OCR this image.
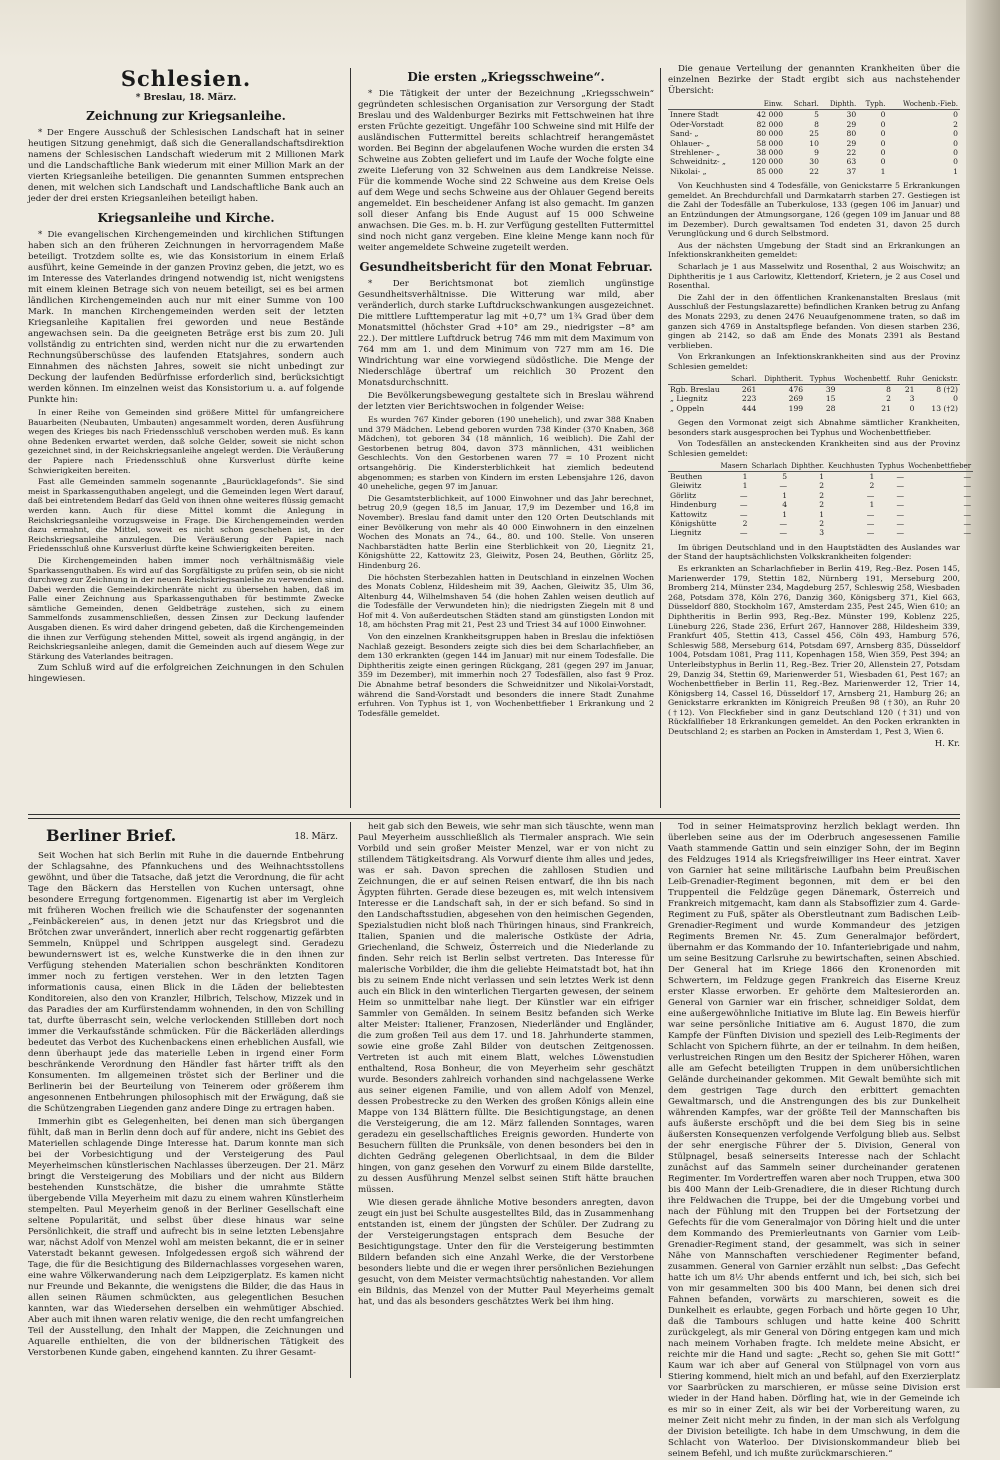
Schlesien.
* Breslau, 18. März.
Zeichnung zur Kriegsanleihe.

* Der Engere Ausschuß der Schlesischen Landschaft hat in seiner heutigen Sitzung genehmigt, daß sich die Generallandschaftsdirektion namens der Schlesischen Landschaft wiederum mit 2 Millionen Mark und die Landschaftliche Bank wiederum mit einer Million Mark an der vierten Kriegsanleihe beteiligen. Die genannten Summen entsprechen denen, mit welchen sich Landschaft und Landschaftliche Bank auch an jeder der drei ersten Kriegsanleihen beteiligt haben.

Kriegsanleihe und Kirche.

* Die evangelischen Kirchengemeinden und kirchlichen Stiftungen haben sich an den früheren Zeichnungen in hervorragendem Maße beteiligt. Trotzdem sollte es, wie das Konsistorium in einem Erlaß ausführt, keine Gemeinde in der ganzen Provinz geben, die jetzt, wo es im Interesse des Vaterlandes dringend notwendig ist, nicht wenigstens mit einem kleinen Betrage sich von neuem beteiligt, sei es bei armen ländlichen Kirchengemeinden auch nur mit einer Summe von 100 Mark. In manchen Kirchengemeinden werden seit der letzten Kriegsanleihe Kapitalien frei geworden und neue Bestände angewachsen sein. Da die geeigneten Beträge erst bis zum 20. Juli vollständig zu entrichten sind, werden nicht nur die zu erwartenden Rechnungsüberschüsse des laufenden Etatsjahres, sondern auch Einnahmen des nächsten Jahres, soweit sie nicht unbedingt zur Deckung der laufenden Bedürfnisse erforderlich sind, berücksichtigt werden können. Im einzelnen weist das Konsistorium u. a. auf folgende Punkte hin:

In einer Reihe von Gemeinden sind größere Mittel für umfangreichere Bauarbeiten (Neubauten, Umbauten) angesammelt worden, deren Ausführung wegen des Krieges bis nach Friedensschluß verschoben werden muß. Es kann ohne Bedenken erwartet werden, daß solche Gelder, soweit sie nicht schon gezeichnet sind, in der Reichskriegsanleihe angelegt werden. Die Veräußerung der Papiere nach Friedensschluß ohne Kursverlust dürfte keine Schwierigkeiten bereiten.

Fast alle Gemeinden sammeln sogenannte „Baurücklagefonds“. Sie sind meist in Sparkassenguthaben angelegt, und die Gemeinden legen Wert darauf, daß bei eintretendem Bedarf das Geld von ihnen ohne weiteres flüssig gemacht werden kann. Auch für diese Mittel kommt die Anlegung in Reichskriegsanleihe vorzugsweise in Frage. Die Kirchengemeinden werden dazu ermahnt, die Mittel, soweit es nicht schon geschehen ist, in der Reichskriegsanleihe anzulegen. Die Veräußerung der Papiere nach Friedensschluß ohne Kursverlust dürfte keine Schwierigkeiten bereiten.

Die Kirchengemeinden haben immer noch verhältnismäßig viele Sparkassenguthaben. Es wird auf das Sorgfältigste zu prüfen sein, ob sie nicht durchweg zur Zeichnung in der neuen Reichskriegsanleihe zu verwenden sind. Dabei werden die Gemeindekirchenräte nicht zu übersehen haben, daß im Falle einer Zeichnung aus Sparkassenguthaben für bestimmte Zwecke sämtliche Gemeinden, denen Geldbeträge zustehen, sich zu einem Sammelfonds zusammenschließen, dessen Zinsen zur Deckung laufender Ausgaben dienen. Es wird daher dringend gebeten, daß die Kirchengemeinden die ihnen zur Verfügung stehenden Mittel, soweit als irgend angängig, in der Reichskriegsanleihe anlegen, damit die Gemeinden auch auf diesem Wege zur Stärkung des Vaterlandes beitragen.

Zum Schluß wird auf die erfolgreichen Zeichnungen in den Schulen hingewiesen.

Die ersten „Kriegsschweine“.

* Die Tätigkeit der unter der Bezeichnung „Kriegsschwein“ gegründeten schlesischen Organisation zur Versorgung der Stadt Breslau und des Waldenburger Bezirks mit Fettschweinen hat ihre ersten Früchte gezeitigt. Ungefähr 100 Schweine sind mit Hilfe der ausländischen Futtermittel bereits schlachtreif herangemästet worden. Bei Beginn der abgelaufenen Woche wurden die ersten 34 Schweine aus Zobten geliefert und im Laufe der Woche folgte eine zweite Lieferung von 32 Schweinen aus dem Landkreise Neisse. Für die kommende Woche sind 22 Schweine aus dem Kreise Oels auf dem Wege und sechs Schweine aus der Ohlauer Gegend bereits angemeldet. Ein bescheidener Anfang ist also gemacht. Im ganzen soll dieser Anfang bis Ende August auf 15 000 Schweine anwachsen. Die Ges. m. b. H. zur Verfügung gestellten Futtermittel sind noch nicht ganz vergeben. Eine kleine Menge kann noch für weiter angemeldete Schweine zugeteilt werden.

Gesundheitsbericht für den Monat Februar.

* Der Berichtsmonat bot ziemlich ungünstige Gesundheitsverhältnisse. Die Witterung war mild, aber veränderlich, durch starke Luftdruckschwankungen ausgezeichnet. Die mittlere Lufttemperatur lag mit +0,7° um 1¾ Grad über dem Monatsmittel (höchster Grad +10° am 29., niedrigster −8° am 22.). Der mittlere Luftdruck betrug 746 mm mit dem Maximum von 764 mm am 1. und dem Minimum von 727 mm am 16. Die Windrichtung war eine vorwiegend südöstliche. Die Menge der Niederschläge übertraf um reichlich 30 Prozent den Monatsdurchschnitt.

Die Bevölkerungsbewegung gestaltete sich in Breslau während der letzten vier Berichtswochen in folgender Weise:

Es wurden 767 Kinder geboren (190 unehelich), und zwar 388 Knaben und 379 Mädchen. Lebend geboren wurden 738 Kinder (370 Knaben, 368 Mädchen), tot geboren 34 (18 männlich, 16 weiblich). Die Zahl der Gestorbenen betrug 804, davon 373 männlichen, 431 weiblichen Geschlechts. Von den Gestorbenen waren 77 = 10 Prozent nicht ortsangehörig. Die Kindersterblichkeit hat ziemlich bedeutend abgenommen; es starben von Kindern im ersten Lebensjahre 126, davon 40 uneheliche, gegen 97 im Januar.

Die Gesamtsterblichkeit, auf 1000 Einwohner und das Jahr berechnet, betrug 20,9 (gegen 18,5 im Januar, 17,9 im Dezember und 16,8 im November). Breslau fand damit unter den 120 Orten Deutschlands mit einer Bevölkerung von mehr als 40 000 Einwohnern in den einzelnen Wochen des Monats an 74., 64., 80. und 100. Stelle. Von unseren Nachbarstädten hatte Berlin eine Sterblichkeit von 20, Liegnitz 21, Königshütte 22, Kattowitz 23, Gleiwitz, Posen 24, Beuthen, Görlitz 25, Hindenburg 26.

Die höchsten Sterbezahlen hatten in Deutschland in einzelnen Wochen des Monats Coblenz, Hildesheim mit 39, Aachen, Gleiwitz 35, Ulm 36, Altenburg 44, Wilhelmshaven 54 (die hohen Zahlen weisen deutlich auf die Todesfälle der Verwundeten hin); die niedrigsten Ziegeln mit 8 und Hof mit 4. Von außerdeutschen Städten stand am günstigsten London mit 18, am höchsten Prag mit 21, Pest 23 und Triest 34 auf 1000 Einwohner.

Von den einzelnen Krankheitsgruppen haben in Breslau die infektiösen Nachlaß gezeigt. Besonders zeigte sich dies bei dem Scharlachfieber, an dem 130 erkrankten (gegen 144 im Januar) mit nur einem Todesfalle. Die Diphtheritis zeigte einen geringen Rückgang, 281 (gegen 297 im Januar, 359 im Dezember), mit immerhin noch 27 Todesfällen, also fast 9 Proz. Die Abnahme betraf besonders die Schweidnitzer und Nikolai-Vorstadt, während die Sand-Vorstadt und besonders die innere Stadt Zunahme erfuhren. Von Typhus ist 1, von Wochenbettfieber 1 Erkrankung und 2 Todesfälle gemeldet.

Die genaue Verteilung der genannten Krankheiten über die einzelnen Bezirke der Stadt ergibt sich aus nachstehender Übersicht:

	Einw.	Scharl.	Diphth.	Typh.	Wochenb.-Fieb.
Innere Stadt	42 000	5	30	0	0
Oder-Vorstadt	82 000	8	29	0	2
Sand- „	80 000	25	80	0	0
Ohlauer- „	58 000	10	29	0	0
Strehlener- „	38 000	9	22	0	0
Schweidnitz- „	120 000	30	63	0	0
Nikolai- „	85 000	22	37	1	1

Von Keuchhusten sind 4 Todesfälle, von Genickstarre 5 Erkrankungen gemeldet. An Brechdurchfall und Darmkatarrh starben 27. Gestiegen ist die Zahl der Todesfälle an Tuberkulose, 133 (gegen 106 im Januar) und an Entzündungen der Atmungsorgane, 126 (gegen 109 im Januar und 88 im Dezember). Durch gewaltsamen Tod endeten 31, davon 25 durch Verunglückung und 6 durch Selbstmord.

Aus der nächsten Umgebung der Stadt sind an Erkrankungen an Infektionskrankheiten gemeldet:

Scharlach je 1 aus Masselwitz und Rosenthal, 2 aus Woischwitz; an Diphtheritis je 1 aus Carlowitz, Klettendorf, Krietern, je 2 aus Cosel und Rosenthal.

Die Zahl der in den öffentlichen Krankenanstalten Breslaus (mit Ausschluß der Festungslazarette) befindlichen Kranken betrug zu Anfang des Monats 2293, zu denen 2476 Neuaufgenommene traten, so daß im ganzen sich 4769 in Anstaltspflege befanden. Von diesen starben 236, gingen ab 2142, so daß am Ende des Monats 2391 als Bestand verblieben.

Von Erkrankungen an Infektionskrankheiten sind aus der Provinz Schlesien gemeldet:

	Scharl.	Diphtherit.	Typhus	Wochenbettf.	Ruhr	Genickstr.
Rgb. Breslau	261	476	39	8	21	8 (†2)
„ Liegnitz	223	269	15	2	3	0
„ Oppeln	444	199	28	21	0	13 (†2)

Gegen den Vormonat zeigt sich Abnahme sämtlicher Krankheiten, besonders stark ausgesprochen bei Typhus und Wochenbettfieber.

Von Todesfällen an ansteckenden Krankheiten sind aus der Provinz Schlesien gemeldet:

	Masern	Scharlach	Diphther.	Keuchhusten	Typhus	Wochenbettfieber
Beuthen	1	5	1	1	—	—
Gleiwitz	1	—	2	2	—	—
Görlitz	—	1	2	—	—	—
Hindenburg	—	4	2	1	—	—
Kattowitz	—	1	1	—	—	—
Königshütte	2	—	2	—	—	—
Liegnitz	—	—	3	—	—	—

Im übrigen Deutschland und in den Hauptstädten des Auslandes war der Stand der hauptsächlichsten Volkskrankheiten folgender:

Es erkrankten an Scharlachfieber in Berlin 419, Reg.-Bez. Posen 145, Marienwerder 179, Stettin 182, Nürnberg 191, Merseburg 200, Bromberg 214, Münster 234, Magdeburg 257, Schleswig 258, Wiesbaden 268, Potsdam 378, Köln 276, Danzig 360, Königsberg 371, Kiel 663, Düsseldorf 880, Stockholm 167, Amsterdam 235, Pest 245, Wien 610; an Diphtheritis in Berlin 993, Reg.-Bez. Münster 199, Koblenz 225, Lüneburg 226, Stade 236, Erfurt 267, Hannover 288, Hildesheim 339, Frankfurt 405, Stettin 413, Cassel 456, Cöln 493, Hamburg 576, Schleswig 588, Merseburg 614, Potsdam 697, Arnsberg 835, Düsseldorf 1004, Potsdam 1081, Prag 111, Kopenhagen 158, Wien 359, Pest 394; an Unterleibstyphus in Berlin 11, Reg.-Bez. Trier 20, Allenstein 27, Potsdam 29, Danzig 34, Stettin 69, Marienwerder 51, Wiesbaden 61, Pest 167; an Wochenbettfieber in Berlin 11, Reg.-Bez. Marienwerder 12, Trier 14, Königsberg 14, Cassel 16, Düsseldorf 17, Arnsberg 21, Hamburg 26; an Genickstarre erkrankten im Königreich Preußen 98 (†30), an Ruhr 20 (†12). Von Fleckfieber sind in ganz Deutschland 120 (†31) und von Rückfallfieber 18 Erkrankungen gemeldet. An den Pocken erkrankten in Deutschland 2; es starben an Pocken in Amsterdam 1, Pest 3, Wien 6.

H. Kr.
Berliner Brief.	18. März.

Seit Wochen hat sich Berlin mit Ruhe in die dauernde Entbehrung der Schlagsahne, des Pfannkuchens und des Weihnachtsstollens gewöhnt, und über die Tatsache, daß jetzt die Verordnung, die für acht Tage den Bäckern das Herstellen von Kuchen untersagt, ohne besondere Erregung fortgenommen. Eigenartig ist aber im Vergleich mit früheren Wochen freilich wie die Schaufenster der sogenannten „Feinbäckereien“ aus, in denen jetzt nur das Kriegsbrot und die Brötchen zwar unverändert, innerlich aber recht roggenartig gefärbten Semmeln, Knüppel und Schrippen ausgelegt sind. Geradezu bewundernswert ist es, welche Kunstwerke die in den ihnen zur Verfügung stehenden Materialien schon beschränkten Konditoren immer noch zu fertigen verstehen. Wer in den letzten Tagen informationis causa, einen Blick in die Läden der beliebtesten Konditoreien, also den von Kranzler, Hilbrich, Telschow, Mizzek und in das Paradies der am Kurfürstendamm wohnenden, in den von Schilling tat, durfte überrascht sein, welche verlockenden Stillleben dort noch immer die Verkaufsstände schmücken. Für die Bäckerläden allerdings bedeutet das Verbot des Kuchenbackens einen erheblichen Ausfall, wie denn überhaupt jede das materielle Leben in irgend einer Form beschränkende Verordnung den Händler fast härter trifft als den Konsumenten. Im allgemeinen tröstet sich der Berliner und die Berlinerin bei der Beurteilung von Teinerem oder größerem ihm angesonnenen Entbehrungen philosophisch mit der Erwägung, daß sie die Schützengraben Liegenden ganz andere Dinge zu ertragen haben.

Immerhin gibt es Gelegenheiten, bei denen man sich übergangen fühlt, daß man in Berlin denn doch auf für andere, nicht ins Gebiet des Materiellen schlagende Dinge Interesse hat. Darum konnte man sich bei der Vorbesichtigung und der Versteigerung des Paul Meyerheimschen künstlerischen Nachlasses überzeugen. Der 21. März bringt die Versteigerung des Mobiliars und der nicht aus Bildern bestehenden Kunstschätze, die bisher die umrahmte Stätte übergebende Villa Meyerheim mit dazu zu einem wahren Künstlerheim stempelten. Paul Meyerheim genoß in der Berliner Gesellschaft eine seltene Popularität, und selbst über diese hinaus war seine Persönlichkeit, die straff und aufrecht bis in seine letzten Lebensjahre war, nächst Adolf von Menzel wohl am meisten bekannt, die er in seiner Vaterstadt bekannt gewesen. Infolgedessen ergoß sich während der Tage, die für die Besichtigung des Bildernachlasses vorgesehen waren, eine wahre Völkerwanderung nach dem Leipzigerplatz. Es kamen nicht nur Freunde und Bekannte, die wenigstens die Bilder, die das Haus in allen seinen Räumen schmückten, aus gelegentlichen Besuchen kannten, war das Wiedersehen derselben ein wehmütiger Abschied. Aber auch mit ihnen waren relativ wenige, die den recht umfangreichen Teil der Ausstellung, den Inhalt der Mappen, die Zeichnungen und Aquarelle enthielten, die von der bildnerischen Tätigkeit des Verstorbenen Kunde gaben, eingehend kannten. Zu ihrer Gesamt-

heit gab sich den Beweis, wie sehr man sich täuschte, wenn man Paul Meyerheim ausschließlich als Tiermaler ansprach. Wie sein Vorbild und sein großer Meister Menzel, war er von nicht zu stillendem Tätigkeitsdrang. Als Vorwurf diente ihm alles und jedes, was er sah. Davon sprechen die zahllosen Studien und Zeichnungen, die er auf seinen Reisen entwarf, die ihn bis nach Ägypten führten. Gerade diese bezeugen es, mit welch intensivem Interesse er die Landschaft sah, in der er sich befand. So sind in den Landschaftsstudien, abgesehen von den heimischen Gegenden, Spezialstudien nicht bloß nach Thüringen hinaus, sind Frankreich, Italien, Spanien und die malerische Ostküste der Adria, Griechenland, die Schweiz, Österreich und die Niederlande zu finden. Sehr reich ist Berlin selbst vertreten. Das Interesse für malerische Vorbilder, die ihm die geliebte Heimatstadt bot, hat ihn bis zu seinem Ende nicht verlassen und sein letztes Werk ist denn auch ein Blick in den winterlichen Tiergarten gewesen, der seinem Heim so unmittelbar nahe liegt. Der Künstler war ein eifriger Sammler von Gemälden. In seinem Besitz befanden sich Werke alter Meister: Italiener, Franzosen, Niederländer und Engländer, die zum großen Teil aus dem 17. und 18. Jahrhunderte stammen, sowie eine große Zahl Bilder von deutschen Zeitgenossen. Vertreten ist auch mit einem Blatt, welches Löwenstudien enthaltend, Rosa Bonheur, die von Meyerheim sehr geschätzt wurde. Besonders zahlreich vorhanden sind nachgelassene Werke aus seiner eigenen Familie, und von allem Adolf von Menzel, dessen Probestrecke zu den Werken des großen Königs allein eine Mappe von 134 Blättern füllte. Die Besichtigungstage, an denen die Versteigerung, die am 12. März fallenden Sonntages, waren geradezu ein gesellschaftliches Ereignis geworden. Hunderte von Besuchern füllten die Prunksäle, von denen besonders bei den in dichten Gedräng gelegenen Oberlichtsaal, in dem die Bilder hingen, von ganz gesehen den Vorwurf zu einem Bilde darstellte, zu dessen Ausführung Menzel selbst seinen Stift hätte brauchen müssen.

Wie diesen gerade ähnliche Motive besonders anregten, davon zeugt ein just bei Schulte ausgestelltes Bild, das in Zusammenhang entstanden ist, einem der jüngsten der Schüler. Der Zudrang zu der Versteigerungstagen entsprach dem Besuche der Besichtigungstage. Unter den für die Versteigerung bestimmten Bildern befanden sich eine Anzahl Werke, die der Verstorbene besonders liebte und die er wegen ihrer persönlichen Beziehungen gesucht, von dem Meister vermachtsüchtig nahestanden. Vor allem ein Bildnis, das Menzel von der Mutter Paul Meyerheims gemalt hat, und das als besonders geschätztes Werk bei ihm hing.

Tod in seiner Heimatsprovinz herzlich beklagt werden. Ihn überleben seine aus der im Oderbruch angesessenen Familie Vaath stammende Gattin und sein einziger Sohn, der im Beginn des Feldzuges 1914 als Kriegsfreiwilliger ins Heer eintrat. Xaver von Garnier hat seine militärische Laufbahn beim Preußischen Leib-Grenadier-Regiment begonnen, mit dem er bei den Truppenteil die Feldzüge gegen Dänemark, Österreich und Frankreich mitgemacht, kam dann als Stabsoffizier zum 4. Garde-Regiment zu Fuß, später als Oberstleutnant zum Badischen Leib-Grenadier-Regiment und wurde Kommandeur des jetzigen Regiments Bremen Nr. 45. Zum Generalmajor befördert, übernahm er das Kommando der 10. Infanteriebrigade und nahm, um seine Besitzung Carlsruhe zu bewirtschaften, seinen Abschied. Der General hat im Kriege 1866 den Kronenorden mit Schwertern, im Feldzuge gegen Frankreich das Eiserne Kreuz erster Klasse erworben. Er gehörte dem Maltesierorden an. General von Garnier war ein frischer, schneidiger Soldat, dem eine außergewöhnliche Initiative im Blute lag. Ein Beweis hierfür war seine persönliche Initiative am 6. August 1870, die zum Kampfe der Fünften Division und speziell des Leib-Regiments der Schlacht von Spichern führte, an der er teilnahm. In dem heißen, verlustreichen Ringen um den Besitz der Spicherer Höhen, waren alle am Gefecht beteiligten Truppen in dem unübersichtlichen Gelände durcheinander gekommen. Mit Gewalt bemühte sich mit dem gestrigen Tage durch den erbittert gemachten Gewaltmarsch, und die Anstrengungen des bis zur Dunkelheit währenden Kampfes, war der größte Teil der Mannschaften bis aufs äußerste erschöpft und die bei dem Sieg bis in seine äußersten Konsequenzen verfolgende Verfolgung blieb aus. Selbst der sehr energische Führer der 5. Division, General von Stülpnagel, besaß seinerseits Interesse nach der Schlacht zunächst auf das Sammeln seiner durcheinander geratenen Regimenter. Im Vordertreffen waren aber noch Truppen, etwa 300 bis 400 Mann der Leib-Grenadiere, die in dieser Richtung durch ihre Feldwachen die Truppe, bei der die Umgebung vorbei und nach der Fühlung mit den Truppen bei der Fortsetzung der Gefechts für die vom Generalmajor von Döring hielt und die unter dem Kommando des Premierleutnants von Garnier vom Leib-Grenadier-Regiment stand, der gesammelt, was sich in seiner Nähe von Mannschaften verschiedener Regimenter befand, zusammen. General von Garnier erzählt nun selbst: „Das Gefecht hatte ich um 8½ Uhr abends entfernt und ich, bei sich, sich bei von mir gesammelten 300 bis 400 Mann, bei denen sich drei Fahnen befanden, vorwärts zu marschieren, soweit es die Dunkelheit es erlaubte, gegen Forbach und hörte gegen 10 Uhr, daß die Tambours schlugen und hatte keine 400 Schritt zurückgelegt, als mir General von Döring entgegen kam und mich nach meinem Vorhaben fragte. Ich meldete meine Absicht, er reichte mir die Hand und sagte: „Recht so, gehen Sie mit Gott!“ Kaum war ich aber auf General von Stülpnagel von vorn aus Stiering kommend, hielt mich an und befahl, auf den Exerzierplatz vor Saarbrücken zu marschieren, er müsse seine Division erst wieder in der Hand haben. Dörfling hat, wie in der Gemeinde ich es mir so in einer Zeit, als wir bei der Vorbereitung waren, zu meiner Zeit nicht mehr zu finden, in der man sich als Verfolgung der Division beteiligte. Ich habe in dem Umschwung, in dem die Schlacht von Waterloo. Der Divisionskommandeur blieb bei seinem Befehl, und ich mußte zurückmarschieren.“
